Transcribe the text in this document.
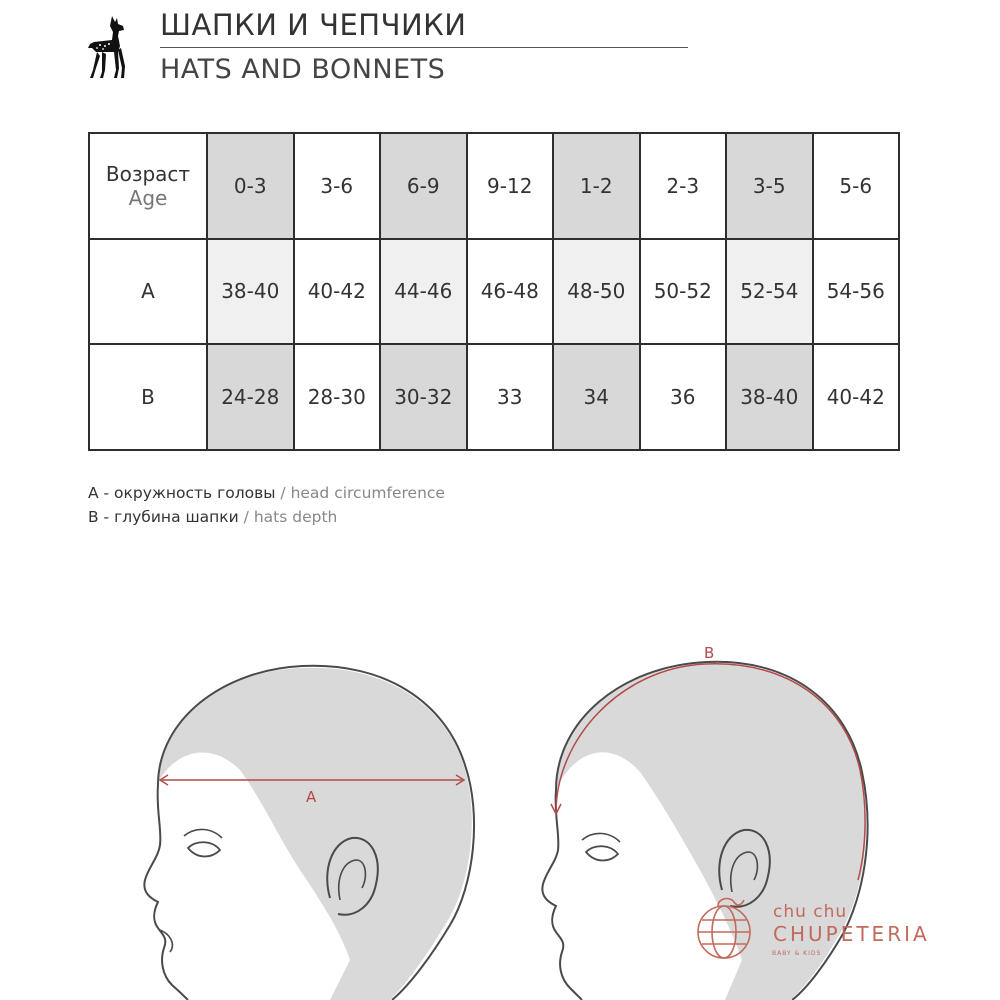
ШАПКИ И ЧЕПЧИКИ
HATS AND BONNETS
Возраст
Age	0-3	3-6	6-9	9-12	1-2	2-3	3-5	5-6
A	38-40	40-42	44-46	46-48	48-50	50-52	52-54	54-56
B	24-28	28-30	30-32	33	34	36	38-40	40-42
A - окружность головы / head circumference
B - глубина шапки / hats depth
A
B
chu chu
CHUPETERIA
BABY & KIDS
